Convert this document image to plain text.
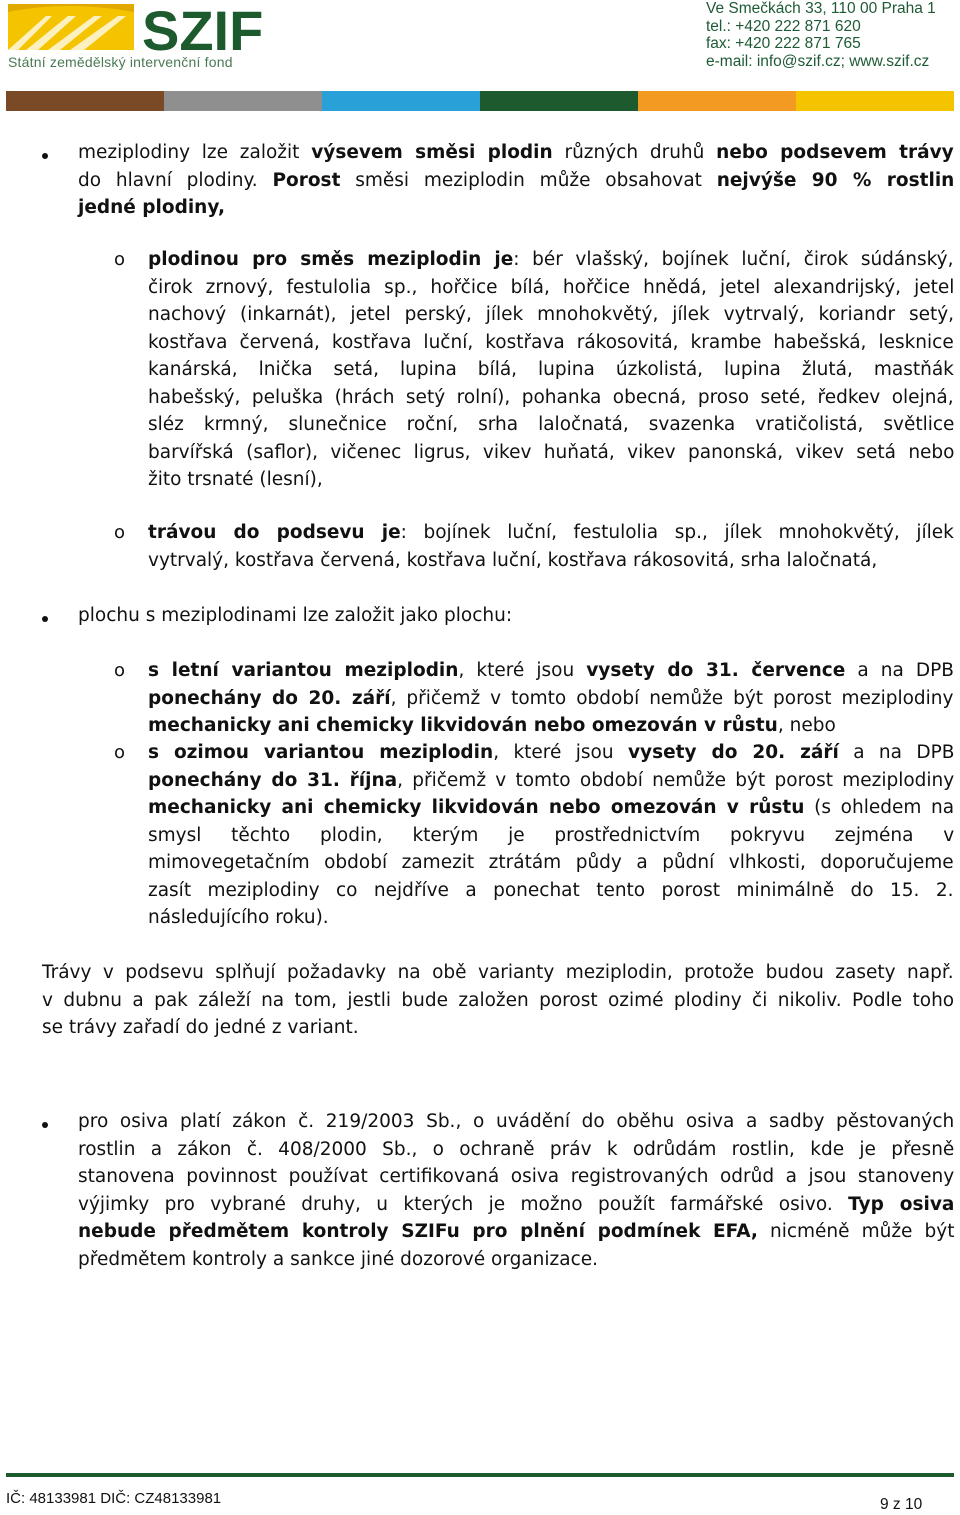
SZIF
Státní zemědělský intervenční fond
Ve Smečkách 33, 110 00 Praha 1
tel.: +420 222 871 620
fax: +420 222 871 765
e-mail: info@szif.cz; www.szif.cz
meziplodiny lze založit výsevem směsi plodin různých druhů nebo podsevem trávy
do hlavní plodiny. Porost směsi meziplodin může obsahovat nejvýše 90 % rostlin
jedné plodiny,
o plodinou pro směs meziplodin je: bér vlašský, bojínek luční, čirok súdánský,
čirok zrnový, festulolia sp., hořčice bílá, hořčice hnědá, jetel alexandrijský, jetel
nachový (inkarnát), jetel perský, jílek mnohokvětý, jílek vytrvalý, koriandr setý,
kostřava červená, kostřava luční, kostřava rákosovitá, krambe habešská, lesknice
kanárská, lnička setá, lupina bílá, lupina úzkolistá, lupina žlutá, mastňák
habešský, peluška (hrách setý rolní), pohanka obecná, proso seté, ředkev olejná,
sléz krmný, slunečnice roční, srha laločnatá, svazenka vratičolistá, světlice
barvířská (saflor), vičenec ligrus, vikev huňatá, vikev panonská, vikev setá nebo
žito trsnaté (lesní),
o trávou do podsevu je: bojínek luční, festulolia sp., jílek mnohokvětý, jílek
vytrvalý, kostřava červená, kostřava luční, kostřava rákosovitá, srha laločnatá,
plochu s meziplodinami lze založit jako plochu:
o s letní variantou meziplodin, které jsou vysety do 31. července a na DPB
ponechány do 20. září, přičemž v tomto období nemůže být porost meziplodiny
mechanicky ani chemicky likvidován nebo omezován v růstu, nebo
o s ozimou variantou meziplodin, které jsou vysety do 20. září a na DPB
ponechány do 31. října, přičemž v tomto období nemůže být porost meziplodiny
mechanicky ani chemicky likvidován nebo omezován v růstu (s ohledem na
smysl těchto plodin, kterým je prostřednictvím pokryvu zejména v
mimovegetačním období zamezit ztrátám půdy a půdní vlhkosti, doporučujeme
zasít meziplodiny co nejdříve a ponechat tento porost minimálně do 15. 2.
následujícího roku).
Trávy v podsevu splňují požadavky na obě varianty meziplodin, protože budou zasety např.
v dubnu a pak záleží na tom, jestli bude založen porost ozimé plodiny či nikoliv. Podle toho
se trávy zařadí do jedné z variant.
pro osiva platí zákon č. 219/2003 Sb., o uvádění do oběhu osiva a sadby pěstovaných
rostlin a zákon č. 408/2000 Sb., o ochraně práv k odrůdám rostlin, kde je přesně
stanovena povinnost používat certifikovaná osiva registrovaných odrůd a jsou stanoveny
výjimky pro vybrané druhy, u kterých je možno použít farmářské osivo. Typ osiva
nebude předmětem kontroly SZIFu pro plnění podmínek EFA, nicméně může být
předmětem kontroly a sankce jiné dozorové organizace.
IČ: 48133981 DIČ: CZ48133981	9 z 10
